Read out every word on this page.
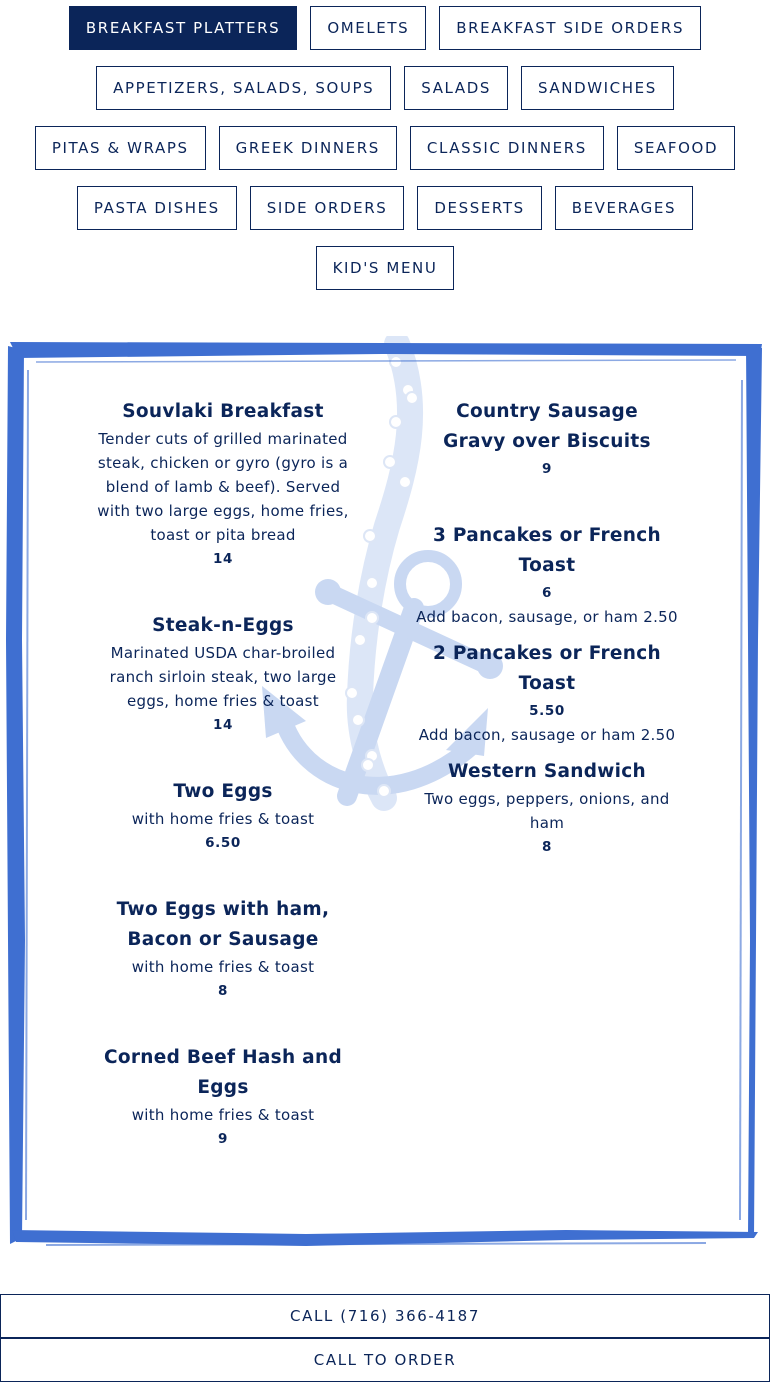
BREAKFAST PLATTERS	OMELETS	BREAKFAST SIDE ORDERS
APPETIZERS, SALADS, SOUPS	SALADS	SANDWICHES
PITAS & WRAPS	GREEK DINNERS	CLASSIC DINNERS	SEAFOOD
PASTA DISHES	SIDE ORDERS	DESSERTS	BEVERAGES
KID'S MENU
Souvlaki Breakfast
Tender cuts of grilled marinated steak, chicken or gyro (gyro is a blend of lamb & beef). Served with two large eggs, home fries, toast or pita bread
14
Steak-n-Eggs
Marinated USDA char-broiled ranch sirloin steak, two large eggs, home fries & toast
14
Two Eggs
with home fries & toast
6.50
Two Eggs with ham, Bacon or Sausage
with home fries & toast
8
Corned Beef Hash and Eggs
with home fries & toast
9
Country Sausage Gravy over Biscuits
9
3 Pancakes or French Toast
6
Add bacon, sausage, or ham 2.50
2 Pancakes or French Toast
5.50
Add bacon, sausage or ham 2.50
Western Sandwich
Two eggs, peppers, onions, and ham
8
CALL (716) 366-4187
CALL TO ORDER
